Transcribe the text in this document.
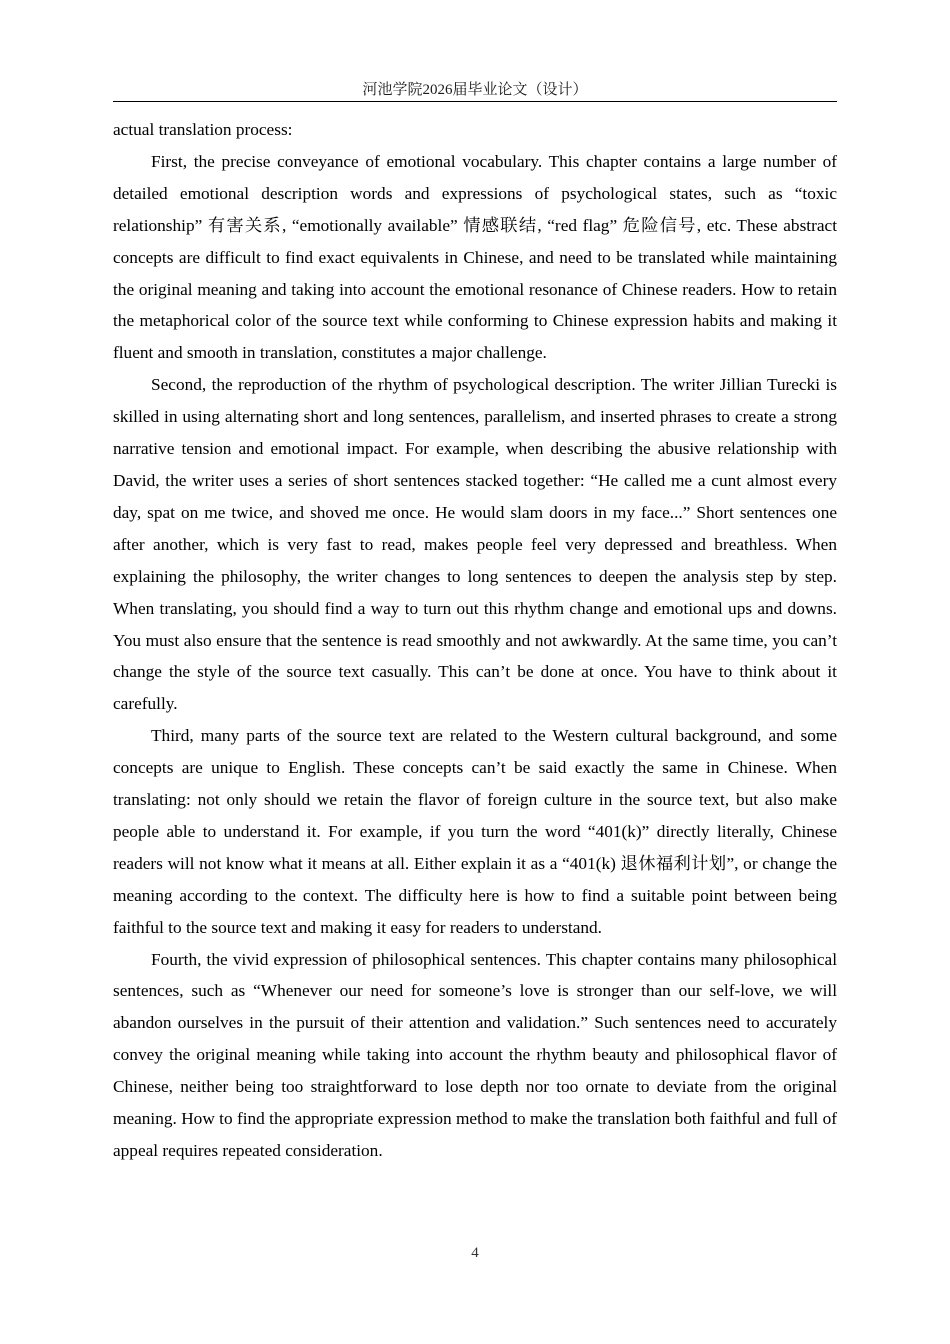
河池学院2026届毕业论文（设计）

actual translation process:

First, the precise conveyance of emotional vocabulary. This chapter contains a large number of detailed emotional description words and expressions of psychological states, such as “toxic relationship” 有害关系, “emotionally available” 情感联结, “red flag” 危险信号, etc. These abstract concepts are difficult to find exact equivalents in Chinese, and need to be translated while maintaining the original meaning and taking into account the emotional resonance of Chinese readers. How to retain the metaphorical color of the source text while conforming to Chinese expression habits and making it fluent and smooth in translation, constitutes a major challenge.

Second, the reproduction of the rhythm of psychological description. The writer Jillian Turecki is skilled in using alternating short and long sentences, parallelism, and inserted phrases to create a strong narrative tension and emotional impact. For example, when describing the abusive relationship with David, the writer uses a series of short sentences stacked together: “He called me a cunt almost every day, spat on me twice, and shoved me once. He would slam doors in my face...” Short sentences one after another, which is very fast to read, makes people feel very depressed and breathless. When explaining the philosophy, the writer changes to long sentences to deepen the analysis step by step. When translating, you should find a way to turn out this rhythm change and emotional ups and downs. You must also ensure that the sentence is read smoothly and not awkwardly. At the same time, you can’t change the style of the source text casually. This can’t be done at once. You have to think about it carefully.

Third, many parts of the source text are related to the Western cultural background, and some concepts are unique to English. These concepts can’t be said exactly the same in Chinese. When translating: not only should we retain the flavor of foreign culture in the source text, but also make people able to understand it. For example, if you turn the word “401(k)” directly literally, Chinese readers will not know what it means at all. Either explain it as a “401(k) 退休福利计划”, or change the meaning according to the context. The difficulty here is how to find a suitable point between being faithful to the source text and making it easy for readers to understand.

Fourth, the vivid expression of philosophical sentences. This chapter contains many philosophical sentences, such as “Whenever our need for someone’s love is stronger than our self-love, we will abandon ourselves in the pursuit of their attention and validation.” Such sentences need to accurately convey the original meaning while taking into account the rhythm beauty and philosophical flavor of Chinese, neither being too straightforward to lose depth nor too ornate to deviate from the original meaning. How to find the appropriate expression method to make the translation both faithful and full of appeal requires repeated consideration.

4
